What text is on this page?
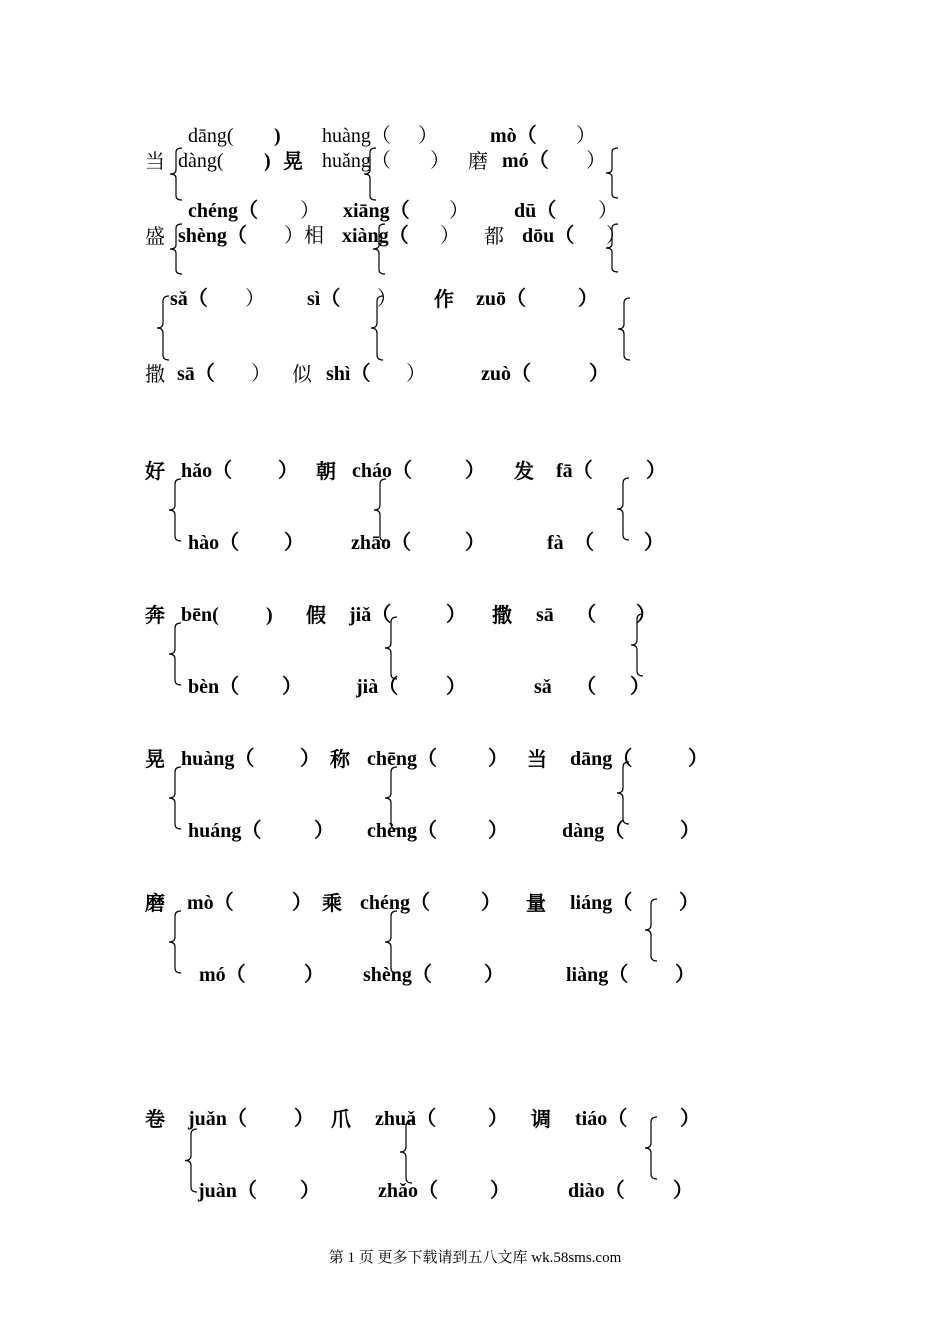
dāng( ) huàng（ ）	mò（ ）
当 dàng( ) 晃 huǎng（ ） 磨 mó（ ）
chéng（ ） xiāng（ ） dū（ ）
盛 shèng（ ）相 xiàng（ ） 都 dōu（ ）
sǎ（ ） sì（ ） 作 zuō（	）
撒 sā（ ） 似 shì（ ）	zuò（	）
好 hǎo（ ） 朝 cháo（	） 发 fā（	）
hào（ ） zhāo（	）	fà （	）
奔 bēn( ) 假 jiǎ（	） 撒 sā （ ）
bèn（ ）	jià（ ）	sǎ （ ）
晃 huàng（ ） 称 chēng（	） 当 dāng（	）
huáng（	） chèng（	）	dàng（	）
磨 mò（	） 乘 chéng（	） 量 liáng（ ）
mó（	） shèng（	）	liàng（ ）
卷 juǎn（ ） 爪 zhuǎ（	） 调 tiáo（	）
juàn（ ）	zhǎo（	）	diào（ ）
第 1 页 更多下载请到五八文库 wk.58sms.com
